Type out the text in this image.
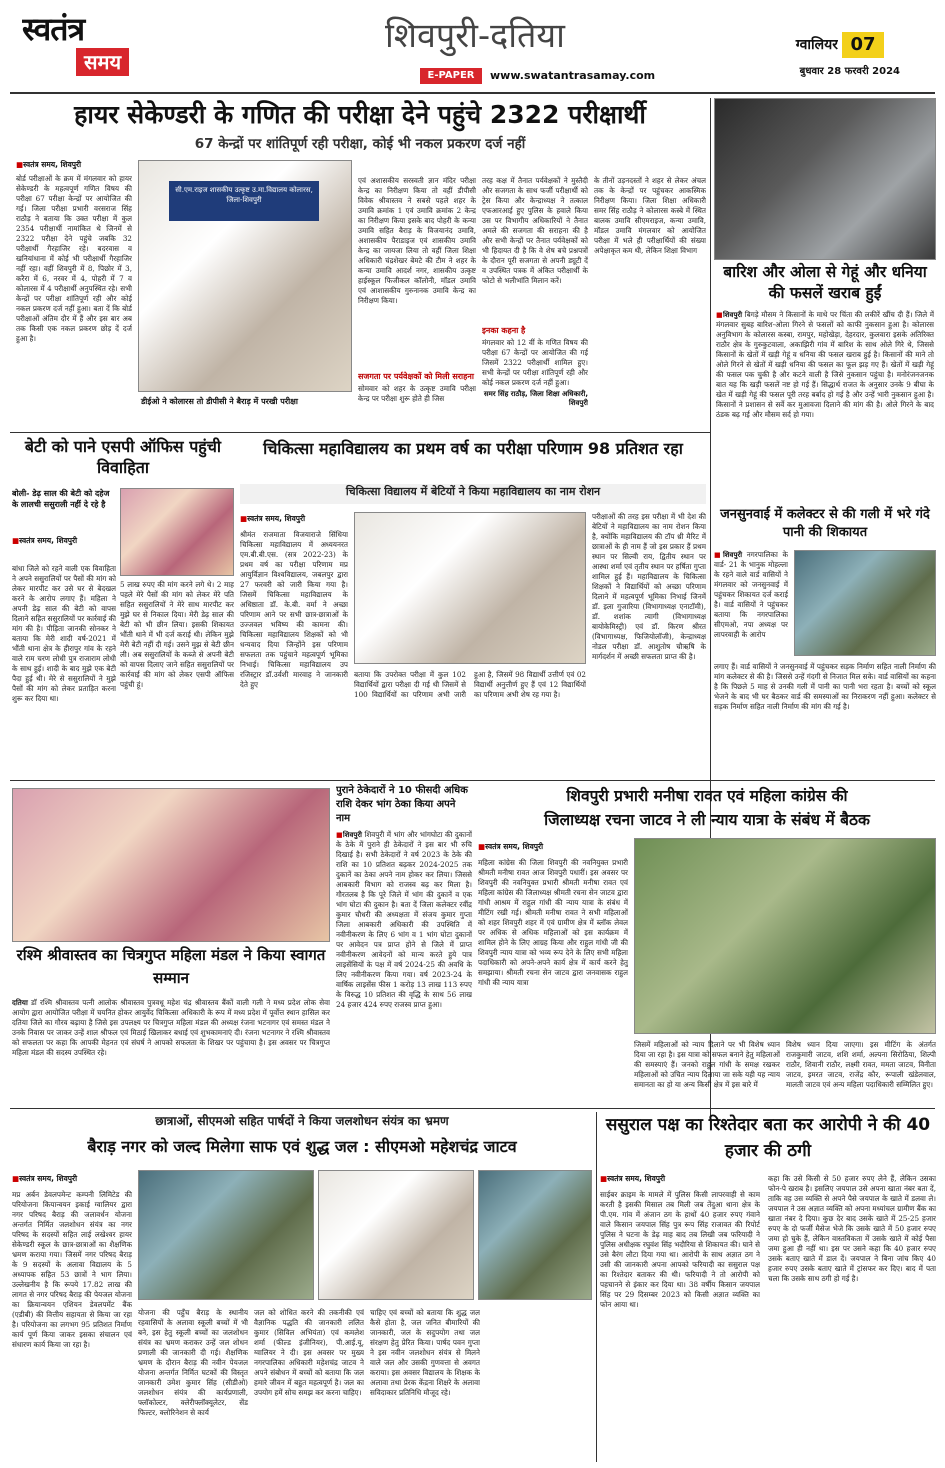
स्वतंत्र
समय
शिवपुरी-दतिया
E-PAPER	www.swatantrasamay.com
ग्वालियर 07
बुधवार 28 फरवरी 2024
हायर सेकेण्डरी के गणित की परीक्षा देने पहुंचे 2322 परीक्षार्थी
67 केन्द्रों पर शांतिपूर्ण रही परीक्षा, कोई भी नकल प्रकरण दर्ज नहीं
■ स्वतंत्र समय, शिवपुरी
बोर्ड परीक्षाओं के क्रम में मंगलवार को हायर सेकेण्डरी के महत्वपूर्ण गणित विषय की परीक्षा 67 परीक्षा केन्द्रों पर आयोजित की गई। जिला परीक्षा प्रभारी वरसराज सिंह राठौड़ ने बताया कि उक्त परीक्षा में कुल 2354 परीक्षार्थी नामांकित थे जिनमें से 2322 परीक्षा देने पहुंचे जबकि 32 परीक्षार्थी गैरहाजिर रहे। बदरवास व खनियांधाना में कोई भी परीक्षार्थी गैरहाजिर नहीं रहा। वहीं शिवपुरी में 8, पिछोर में 3, करैरा में 6, नरवर में 4, पोहरी में 7 व कोलारस में 4 परीक्षार्थी अनुपस्थित रहे। सभी केन्द्रों पर परीक्षा शांतिपूर्ण रही और कोई नकल प्रकरण दर्ज नहीं हुआ। बता दें कि बोर्ड परीक्षाओं अंतिम दौर में हैं और इस बार अब तक किसी एक नकल प्रकरण छोड़ दें दर्ज हुआ है।
सी.एम.राइज शासकीय उत्कृष्ट उ.मा.विद्यालय कोलारस, जिला-शिवपुरी
डीईओ ने कोलारस तो डीपीसी ने बैराड़ में परखी परीक्षा
एवं अशासकीय सरस्वती ज्ञान मंदिर परीक्षा केन्द्र का निरीक्षण किया तो वहीं डीपीसी विवेक श्रीवास्तव ने सबसे पहले शहर के उमावि क्रमांक 1 एवं उमावि क्रमांक 2 केन्द्र का निरीक्षण किया इसके बाद पोहरी के कन्या उमावि सहित बैराड़ के विजयानंद उमावि, अशासकीय पैराडाइज एवं शासकीय उमावि केन्द्र का जायजा लिया तो वहीं जिला शिक्षा अधिकारी चंद्रशेखर बेमटे की टीम ने शहर के कन्या उमावि आदर्श नगर, शासकीय उत्कृष्ट हाईस्कूल फिजीकल कॉलोनी, मॉडल उमावि एवं आशासकीय गुरुनानक उमावि केन्द्र का निरीक्षण किया।
सजगता पर पर्यवेक्षकों को मिली सराहना
सोमवार को शहर के उत्कृष्ट उमावि परीक्षा केन्द्र पर परीक्षा शुरू होते ही जिस
तरह कक्ष में तैनात पर्यवेक्षकों ने मुस्तैदी और सजगता के साथ फर्जी परीक्षार्थी को ट्रेस किया और केन्द्राध्यक्ष ने तत्काल एफआरआई हुए पुलिस के हवाले किया उस पर विभागीय अधिकारियों ने तैनात अमले की सजगता की सराहना की है और सभी केन्द्रों पर तैनात पर्यवेक्षकों को भी हिदायत दी है कि वे शेष बचे प्रश्नपत्रों के दौरान पूरी सजगता से अपनी ड्यूटी दें व उपस्थित पत्रक में अंकित परीक्षार्थी के फोटो से भलीभांति मिलान करें।
इनका कहना है
मंगलवार को 12 वीं के गणित विषय की परीक्षा 67 केन्द्रों पर आयोजित की गई जिसमें 2322 परीक्षार्थी शामिल हुए। सभी केन्द्रों पर परीक्षा शांतिपूर्ण रही और कोई नकल प्रकरण दर्ज नहीं हुआ।
समर सिंह राठौड़, जिला शिक्षा अधिकारी, शिवपुरी
के तीनों उड़नदस्तों ने शहर से लेकर अंचल तक के केन्द्रों पर पहुंचकर आकस्मिक निरीक्षण किया। जिला शिक्षा अधिकारी समर सिंह राठौड़ ने कोलारस कस्बे में स्थित बालक उमावि सीएमराइज, कन्या उमावि, मॉडल उमावि मंगलवार को आयोजित परीक्षा में भले ही परीक्षार्थियों की संख्या अपेक्षाकृत कम थी, लेकिन शिक्षा विभाग
बारिश और ओला से गेहूं और धनिया की फसलें खराब हुईं
■ शिवपुरी बिगड़े मौसम ने किसानों के माथे पर चिंता की लकीरें खींच दी हैं। जिले में मंगलवार सुबह बारिश-ओला गिरने से फसलों को काफी नुकसान हुआ है। कोलारस अनुविभाग के कोलारस कस्बा, रामपुर, महोखेड़ा, देहरदार, कुलवारा इसके अतिरिक्त राठौर क्षेत्र के गुरुकुटवाला, अकाझिरी गांव में बारिश के साथ ओले गिरे थे, जिससे किसानों के खेतों में खड़ी गेहूं व धनिया की फसल खराब हुई है। किसानों की माने तो ओले गिरने से खेतों में खड़ी धनिया की फसल का फूल झड़ गए हैं। खेतों में खड़ी गेहूं की फसल पक चुकी है और कटने वाली है जिसे नुकसान पहुंचा है। मनोरंजनजनक बात यह कि खड़ी फसलें नष्ट हो गई हैं। सिद्धार्थ राजत के अनुसार उनके 9 बीघा के खेत में खड़ी गेहूं की फसल पूरी तरह बर्बाद हो गई है और उन्हें भारी नुकसान हुआ है। किसानों ने प्रशासन से सर्वे कर मुआवजा दिलाने की मांग की है। ओले गिरने के बाद ठंडक बढ़ गई और मौसम सर्द हो गया।
बेटी को पाने एसपी ऑफिस पहुंची विवाहिता
बोली- डेढ़ साल की बेटी को दहेज के लालची ससुराली नहीं दे रहे है
■ स्वतंत्र समय, शिवपुरी
बांधा जिले को रहने वाली एक विवाहिता ने अपने ससुरालियों पर पैसों की मांग को लेकर मारपीट कर उसे घर से बेदखल करने के आरोप लगाए हैं। महिला ने अपनी डेढ़ साल की बेटी को वापस दिलाने सहित ससुरालियों पर कार्रवाई की मांग की है। पीड़िता जानकी सोनकर ने बताया कि मेरी शादी वर्ष-2021 में भौंती थाना क्षेत्र के हीरापुर गांव के रहने वाले राम चरण लोधी पुत्र राजाराम लोधी के साथ हुई। शादी के बाद मुझे एक बेटी पैदा हुई थी। मेरे से ससुरालियों ने मुझे पैसों की मांग को लेकर प्रताड़ित करना शुरू कर दिया था।
5 लाख रुपए की मांग करने लगे थे। 2 माह पहले मेरे पैसों की मांग को लेकर मेरे पति सहित ससुरालियों ने मेरे साथ मारपीट कर मुझे घर से निकाल दिया। मेरी डेढ़ साल की बेटी को भी छीन लिया। इसकी शिकायत भौंती थाने में भी दर्ज कराई थी। लेकिन मुझे मेरी बेटी नहीं दी गई। उसने मुझ से बेटी छीन ली। अब ससुरालियों के कब्जे से अपनी बेटी को वापस दिलाए जाने सहित ससुरालियों पर कार्रवाई की मांग को लेकर एसपी ऑफिस पहुंची हूं।
चिकित्सा महाविद्यालय का प्रथम वर्ष का परीक्षा परिणाम 98 प्रतिशत रहा
चिकित्सा विद्यालय में बेटियों ने किया महाविद्यालय का नाम रोशन
■ स्वतंत्र समय, शिवपुरी
श्रीमंत राजमाता विजयाराजे सिंधिया चिकित्सा महाविद्यालय में अध्ययनरत एम.बी.बी.एस. (सत्र 2022-23) के प्रथम वर्ष का परीक्षा परिणाम मप्र आयुर्विज्ञान विश्वविद्यालय, जबलपुर द्वारा 27 फरवरी को जारी किया गया है। जिसमें चिकित्सा महाविद्यालय के अधिष्ठाता डॉ. के.बी. वर्मा ने अच्छा परिणाम आने पर सभी छात्र-छात्राओं के उज्जवल भविष्य की कामना की। चिकित्सा महाविद्यालय शिक्षकों को भी धन्यवाद दिया जिन्होंने इस परिणाम सफलता तक पहुंचाने महत्वपूर्ण भूमिका निभाई। चिकित्सा महाविद्यालय उप रजिस्ट्रार डॉ.उर्वशी मारवाह ने जानकारी देते हुए
बताया कि उपरोक्त परीक्षा में कुल 102 विद्यार्थियों द्वारा परीक्षा दी गई थी जिसमें से 100 विद्यार्थियों का परिणाम अभी जारी हुआ है, जिसमें 98 विद्यार्थी उत्तीर्ण एवं 02 विद्यार्थी अनुत्तीर्ण हुए हैं एवं 12 विद्यार्थियों का परिणाम अभी शेष रह गया है।
परीक्षाओं की तरह इस परीक्षा में भी देश की बेटियों ने महाविद्यालय का नाम रोशन किया है, क्योंकि महाविद्यालय की टॉप थ्री मैरिट में छात्राओं के ही नाम हैं जो इस प्रकार हैं प्रथम स्थान पर सिल्वी राय, द्वितीय स्थान पर आस्था शर्मा एवं तृतीय स्थान पर हर्षिता गुप्ता शामिल हुई हैं। महाविद्यालय के चिकित्सा शिक्षकों ने विद्यार्थियों को अच्छा परिणाम दिलाने में महत्वपूर्ण भूमिका निभाई जिनमें डॉ. इला गुजारिया (विभागाध्यक्ष एनाटॉमी), डॉ. शशांक त्यागी (विभागाध्यक्ष बायोकेमिस्ट्री) एवं डॉ. किरण श्रीरत (विभागाध्यक्ष, फिजियोलॉजी), केन्द्राध्यक्ष नोडल परीक्षा डॉ. आशुतोष चौऋषि के मार्गदर्शन में अच्छी सफलता प्राप्त की है।
जनसुनवाई में कलेक्टर से की गली में भरे गंदे पानी की शिकायत
■ शिवपुरी नगरपालिका के वार्ड- 21 के भानुक मोहल्ला के रहने वाले वार्ड वासियों ने मंगलवार को जनसुनवाई में पहुंचकर शिकायत दर्ज कराई है। वार्ड वासियों ने पहुंचकर बताया कि नगरपालिका सीएमओ, नपा अध्यक्ष पर लापरवाही के आरोप
लगाए हैं। वार्ड वासियों ने जनसुनवाई में पहुंचकर सड़क निर्माण सहित नाली निर्माण की मांग कलेक्टर से की है। जिससे उन्हें गंदगी से निजात मिल सके। वार्ड वासियों का कहना है कि पिछले 5 माह से उनकी गली में पानी का पानी भरा रहता है। बच्चों को स्कूल भेजने के बाद भी घर बैठकर वार्ड की समस्याओं का निराकरण नहीं हुआ। कलेक्टर से सड़क निर्माण सहित नाली निर्माण की मांग की गई है।
रश्मि श्रीवास्तव का चित्रगुप्त महिला मंडल ने किया स्वागत सम्मान
दतिया डॉ रश्मि श्रीवास्तव पत्नी आलोक श्रीवास्तव पुत्रवधू महेश चंद्र श्रीवास्तव बैंकों वाली गली ने मध्य प्रदेश लोक सेवा आयोग द्वारा आयोजित परीक्षा में चयनित होकर आयुर्वेद चिकित्सा अधिकारी के रूप में मध्य प्रदेश में पूर्वोत्त स्थान हासिल कर दतिया जिले का गौरव बढ़ाया है जिसे इस उपलक्ष्य पर चित्रगुप्त महिला मंडल की अध्यक्ष रंजना भटनागर एवं समस्त मंडल ने उनके निवास पर जाकर उन्हें शाल श्रीफल एवं मिठाई खिलाकर बधाई एवं शुभकामनाएं दी। रंजना भटनागर ने रश्मि श्रीवास्तव को सफलता पर कहा कि आपकी मेहनत एवं संघर्ष ने आपको सफलता के शिखर पर पहुंचाया है। इस अवसर पर चित्रगुप्त महिला मंडल की सदस्य उपस्थित रहे।
पुराने ठेकेदारों ने 10 फीसदी अधिक राशि देकर भांग ठेका किया अपने नाम
■ शिवपुरी शिवपुरी में भांग और भांगघोटा की दुकानों के ठेके में पुराने ही ठेकेदारों ने इस बार भी रुचि दिखाई है। सभी ठेकेदारों ने वर्ष 2023 के ठेके की राशि का 10 प्रतिशत बढ़कर 2024-2025 तक दुकानें का ठेका अपने नाम होकर कर लिया। जिससे आबकारी विभाग को राजस्व बढ़ कर मिला है। गौरतलब है कि पूरे जिले में भांग की दुकानें व एक भांग घोटा की दुकान है। बता दें जिला कलेक्टर रवींद्र कुमार चौधरी की अध्यक्षता में संजय कुमार गुप्ता जिला आबकारी अधिकारी की उपस्थिति में नवीनीकरण के लिए 6 भांग व 1 भांग घोटा दुकानों पर आवेदन पत्र प्राप्त होने से जिले में प्राप्त नवीनीकरण आवेदनों को मान्य करते हुये पात्र लाइसेंसियों के पक्ष में वर्ष 2024-25 की अवधि के लिए नवीनीकरण किया गया। वर्ष 2023-24 के वार्षिक लाइसेंस फीस 1 करोड़ 13 लाख 113 रुपए के विरुद्ध 10 प्रतिशत की वृद्धि के साथ 56 लाख 24 हजार 424 रुपए राजस्व प्राप्त हुआ।
शिवपुरी प्रभारी मनीषा रावत एवं महिला कांग्रेस की
जिलाध्यक्ष रचना जाटव ने ली न्याय यात्रा के संबंध में बैठक
■ स्वतंत्र समय, शिवपुरी
महिला कांग्रेस की जिला शिवपुरी की नवनियुक्त प्रभारी श्रीमती मनीषा रावत आज शिवपुरी पधारीं। इस अवसर पर शिवपुरी की नवनियुक्त प्रभारी श्रीमती मनीषा रावत एवं महिला कांग्रेस की जिलाध्यक्ष श्रीमती रचना सेन जाटव द्वारा गांधी आश्रम में राहुल गांधी की न्याय यात्रा के संबंध में मीटिंग रखी गई। श्रीमती मनीषा रावत ने सभी महिलाओं को शहर शिवपुरी शहर में एवं ग्रामीण क्षेत्र में ब्लॉक लेवल पर अधिक से अधिक महिलाओं को इस कार्यक्रम में शामिल होने के लिए आग्रह किया और राहुल गांधी जी की शिवपुरी न्याय यात्रा को भव्य रूप देने के लिए सभी महिला पदाधिकारी को अपने-अपने कार्य क्षेत्र में कार्य करने हेतु समझाया। श्रीमती रचना सेन जाटव द्वारा जनवासक राहुल गांधी की न्याय यात्रा
जिसमें महिलाओं को न्याय दिलाने पर भी विशेष ध्यान दिया जा रहा है। इस यात्रा को सफल बनाने हेतु महिलाओं की समस्याएं हैं। जनको राहुल गांधी के समक्ष रखकर महिलाओं को उचित न्याय दिलाया जा सके यही यह न्याय समानता का हो या अन्य किसी क्षेत्र में इस बारे में
विशेष ध्यान दिया जाएगा। इस मीटिंग के अंतर्गत राजकुमारी जाटव, शशि शर्मा, अल्पना सिरोठिया, शिल्पी राठौर, शिवानी राठौर, लक्ष्मी रावत, ममता जाटव, विनीता जाटव, इमरत जाटव, राजेंद्र कौर, रूपाली खंडेलवाल, मालती जाटव एवं अन्य महिला पदाधिकारी सम्मिलित हुए।
छात्राओं, सीएमओ सहित पार्षदों ने किया जलशोधन संयंत्र का भ्रमण
बैराड़ नगर को जल्द मिलेगा साफ एवं शुद्ध जल : सीएमओ महेशचंद्र जाटव
■ स्वतंत्र समय, शिवपुरी
मप्र अर्बन डेवलपमेन्ट कम्पनी लिमिटेड की परियोजना कियान्वयन इकाई ग्वालियर द्वारा नगर परिषद बैराड़ की जलावर्धन योजना अन्तर्गत निर्मित जलशोधन संयंत्र का नगर परिषद के सदस्यों सहित लाई लखेश्वर हायर सेकेण्डरी स्कूल के छात्र-छात्राओं का शैक्षणिक भ्रमण कराया गया। जिसमें नगर परिषद बैराड़ के 9 सदस्यों के अलावा विद्यालय के 5 अध्यापक सहित 53 छात्रों ने भाग लिया। उल्लेखनीय है कि रूपये 17.82 लाख की लागत से नगर परिषद बैराड़ की पेयजल योजना का क्रियान्वयन एशियन डेवलपमेंट बैंक (एडीबी) की वित्तीय सहायता से किया जा रहा है। परियोजना का लगभग 95 प्रतिशत निर्माण कार्य पूर्ण किया जाकर इसका संचालन एवं संधारण कार्य किया जा रहा है।
योजना की पहुँच बैराड़ के स्थानीय रहवासियों के अलावा स्कूली बच्चों में भी बने, इस हेतु स्कूली बच्चों का जलशोधन संयंत्र का भ्रमण कराकर उन्हें जल शोधन प्रणाली की जानकारी दी गई। शैक्षणिक भ्रमण के दौरान बैराड़ की नवीन पेयजल योजना अन्तर्गत निर्मित घटकों की विस्तृत जानकारी उमेश कुमार सिंह (सीडीओ) जलशोधन संयंत्र की कार्यप्रणाली, फ्लॉकोल्टर, क्लेरीफ्लॉक्यूलेटर, सेंड फिल्टर, क्लोरिनेशन से कार्य
जल को शोधित करने की तकनीकी एवं वैज्ञानिक पद्धति की जानकारी ललित कुमार (सिविल अभियंता) एवं कमलेश शर्मा (फील्ड इंजीनियर), पी.आई.यू, ग्वालियर ने दी। इस अवसर पर मुख्य नगरपालिका अधिकारी महेशचंद्र जाटव ने अपने संबोधन में बच्चों को बताया कि जल हमारे जीवन में बहुत महत्वपूर्ण है। जल का उपयोग हमें सोच समझ कर करना चाहिए।
चाहिए एवं बच्चों को बताया कि शुद्ध जल कैसे होता है, जल जनित बीमारियों की जानकारी, जल के सदुपयोग तथा जल संरक्षण हेतु प्रेरित किया। पार्षद पवन गुप्ता ने इस नवीन जलशोधन संयंत्र से मिलने वाले जल और उसकी गुणवत्ता से अवगत कराया। इस अवसर विद्यालय के शिक्षक के अलावा तथा प्रेरक केंद्रना शिक्षरे के अलावा सविदाकार प्रतिनिधि मौजूद रहे।
ससुराल पक्ष का रिश्तेदार बता कर आरोपी ने की 40 हजार की ठगी
■ स्वतंत्र समय, शिवपुरी
साईबर क्राइम के मामले में पुलिस किसी लापरवाही से काम करती है इसकी मिसाल तब मिली जब तेंदुआ थाना क्षेत्र के पी.एम. गांव में अंजान ठग के हाथों 40 हजार रुपए गंवाने वाले किसान जयपाल सिंह पुत्र रूप सिंह राजावत की रिपोर्ट पुलिस ने घटना के डेढ़ माह बाद तब लिखी जब फरियादी ने पुलिस अधीक्षक रघुवंश सिंह भदौरिया से शिकायत की। घाने से उसे बैरंग लौटा दिया गया था। आरोपी के साथ अज्ञात ठग ने उसी की जानकारी अपना आपको फरियादी का ससुराल पक्ष का रिश्तेदार बताकर की थी। फरियादी ने तो आरोपी को पहचानने से इंकार कर दिया था। 38 वर्षीय किसान जयपाल सिंह पर 29 दिसम्बर 2023 को किसी अज्ञात व्यक्ति का फोन आया था।
कहा कि उसे किसी से 50 हजार रुपए लेने हैं, लेकिन उसका फोन-पे खराब है। इसलिए जयपाल उसे अपना खाता नंबर बता दें, ताकि वह उस व्यक्ति से अपने पैसे जयपाल के खाते में डलवा ले। जयपाल ने उस अज्ञात व्यक्ति को अपना मध्यांचल ग्रामीण बैंक का खाता नंबर दे दिया। कुछ देर बाद उसके खाते में 25-25 हजार रुपए के दो फर्जी मैसेज भेजे कि उसके खाते में 50 हजार रुपए जमा हो चुके हैं, लेकिन वास्तविकता में उसके खाते में कोई पैसा जमा हुआ ही नहीं था। इस पर उसने कहा कि 40 हजार रुपए उसके बताए खाते में डाल दें। जयपाल ने बिना जांच किए 40 हजार रुपए उसके बताए खाते में ट्रांसफर कर दिए। बाद में पता चला कि उसके साथ ठगी हो गई है।
